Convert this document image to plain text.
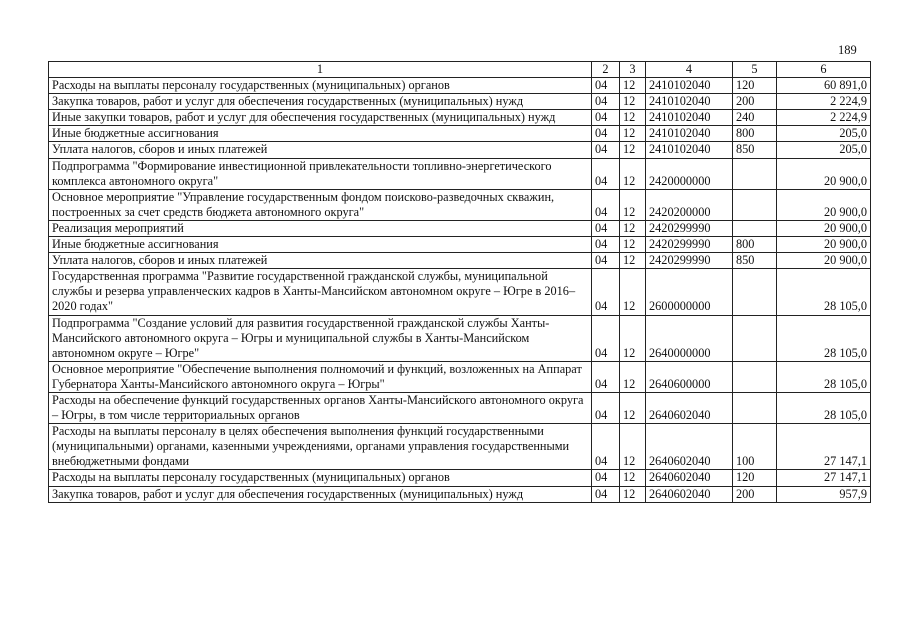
189
1	2	3	4	5	6
Расходы на выплаты персоналу государственных (муниципальных) органов	04	12	2410102040	120	60 891,0
Закупка товаров, работ и услуг для обеспечения государственных (муниципальных) нужд	04	12	2410102040	200	2 224,9
Иные закупки товаров, работ и услуг для обеспечения государственных (муниципальных) нужд	04	12	2410102040	240	2 224,9
Иные бюджетные ассигнования	04	12	2410102040	800	205,0
Уплата налогов, сборов и иных платежей	04	12	2410102040	850	205,0
Подпрограмма "Формирование инвестиционной привлекательности топливно-энергетического комплекса автономного округа"	04	12	2420000000		20 900,0
Основное мероприятие "Управление государственным фондом поисково-разведочных скважин, построенных за счет средств бюджета автономного округа"	04	12	2420200000		20 900,0
Реализация мероприятий	04	12	2420299990		20 900,0
Иные бюджетные ассигнования	04	12	2420299990	800	20 900,0
Уплата налогов, сборов и иных платежей	04	12	2420299990	850	20 900,0
Государственная программа "Развитие государственной гражданской службы, муниципальной службы и резерва управленческих кадров в Ханты-Мансийском автономном округе – Югре в 2016–2020 годах"	04	12	2600000000		28 105,0
Подпрограмма "Создание условий для развития государственной гражданской службы Ханты-Мансийского автономного округа – Югры и муниципальной службы в Ханты-Мансийском автономном округе – Югре"	04	12	2640000000		28 105,0
Основное мероприятие "Обеспечение выполнения полномочий и функций, возложенных на Аппарат Губернатора Ханты-Мансийского автономного округа – Югры"	04	12	2640600000		28 105,0
Расходы на обеспечение функций государственных органов Ханты-Мансийского автономного округа – Югры, в том числе территориальных органов	04	12	2640602040		28 105,0
Расходы на выплаты персоналу в целях обеспечения выполнения функций государственными (муниципальными) органами, казенными учреждениями, органами управления государственными внебюджетными фондами	04	12	2640602040	100	27 147,1
Расходы на выплаты персоналу государственных (муниципальных) органов	04	12	2640602040	120	27 147,1
Закупка товаров, работ и услуг для обеспечения государственных (муниципальных) нужд	04	12	2640602040	200	957,9
